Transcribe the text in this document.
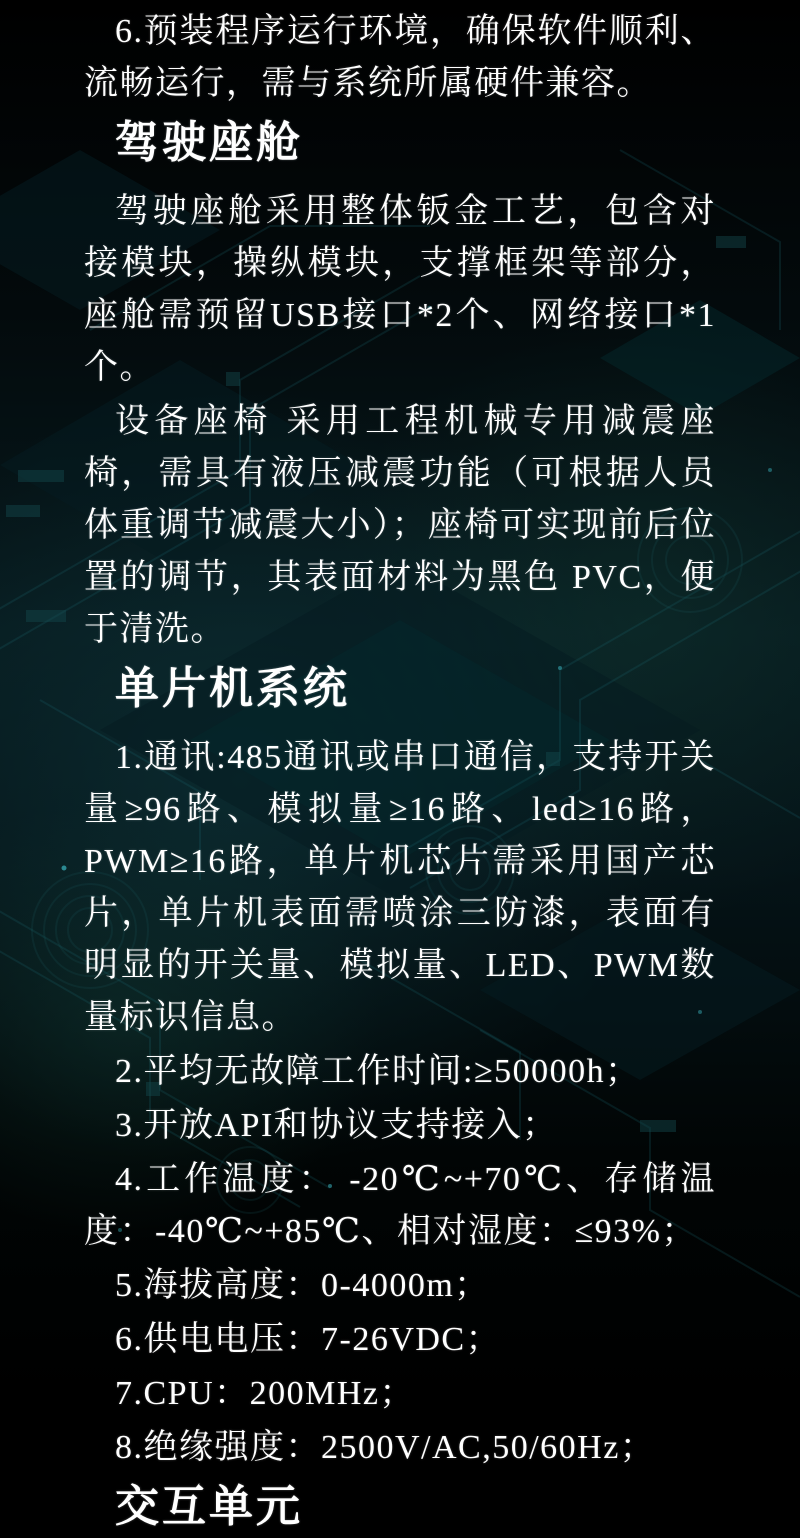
6.预装程序运行环境，确保软件顺利、流畅运行，需与系统所属硬件兼容。

驾驶座舱

驾驶座舱采用整体钣金工艺，包含对接模块，操纵模块，支撑框架等部分，座舱需预留USB接口*2个、网络接口*1个。

设备座椅 采用工程机械专用减震座椅，需具有液压减震功能（可根据人员体重调节减震大小）；座椅可实现前后位置的调节，其表面材料为黑色 PVC，便于清洗。

单片机系统

1.通讯:485通讯或串口通信，支持开关量≥96路、模拟量≥16路、led≥16路，PWM≥16路，单片机芯片需采用国产芯片，单片机表面需喷涂三防漆，表面有明显的开关量、模拟量、LED、PWM数量标识信息。

2.平均无故障工作时间:≥50000h；

3.开放API和协议支持接入；

4.工作温度： -20℃~+70℃、存储温度：-40℃~+85℃、相对湿度：≤93%；

5.海拔高度：0-4000m；

6.供电电压：7-26VDC；

7.CPU：200MHz；

8.绝缘强度：2500V/AC,50/60Hz；

交互单元
